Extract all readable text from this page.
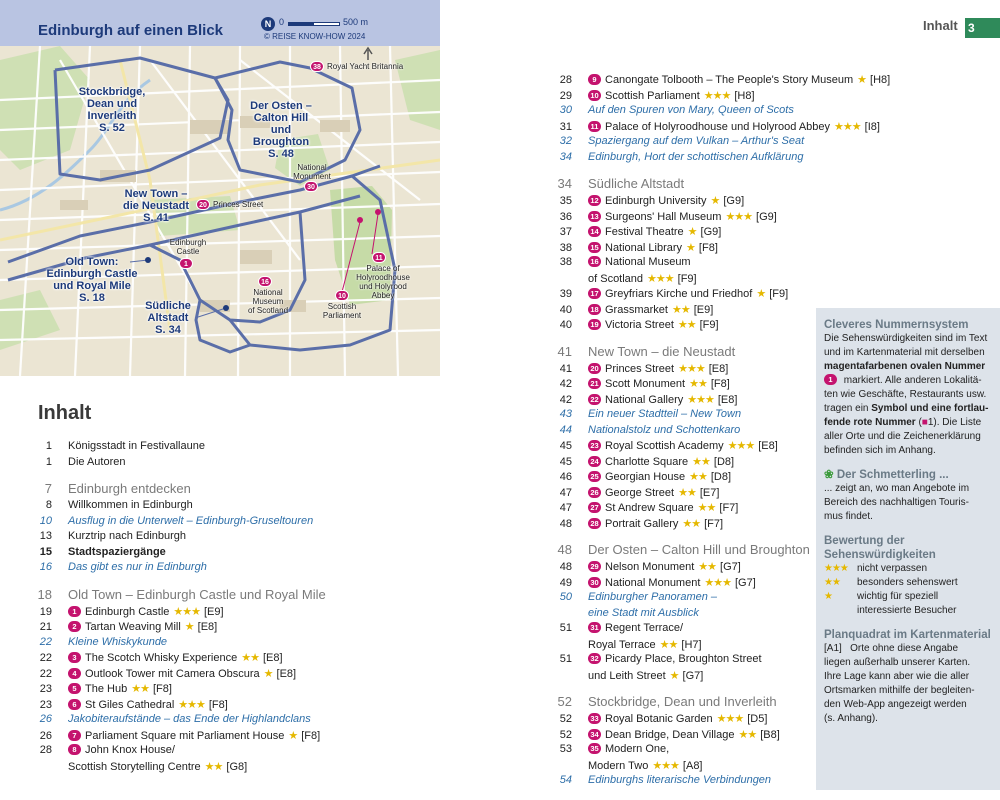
Edinburgh auf einen Blick	N 0	500 m
© REISE KNOW-HOW 2024
38 Royal Yacht Britannia
Stockbridge,
Dean und
Inverleith
S. 52
Der Osten –
Calton Hill
und
Broughton
S. 48
New Town –
die Neustadt
S. 41
Old Town:
Edinburgh Castle
und Royal Mile
S. 18
Südliche
Altstadt
S. 34
National
Monument
30
20 Princes Street
Edinburgh
Castle
1
16
National
Museum
of Scotland
10
Scottish
Parliament
11
Palace of
Holyroodhouse
und Holyrood
Abbey
Inhalt 3
Inhalt
1	Königsstadt in Festivallaune
1	Die Autoren
7	Edinburgh entdecken
8	Willkommen in Edinburgh
10	Ausflug in die Unterwelt – Edinburgh-Gruseltouren
13	Kurztrip nach Edinburgh
15	Stadtspaziergänge
16	Das gibt es nur in Edinburgh
18	Old Town – Edinburgh Castle und Royal Mile
19	1 Edinburgh Castle ★★★ [E9]
21	2 Tartan Weaving Mill ★ [E8]
22	Kleine Whiskykunde
22	3 The Scotch Whisky Experience ★★ [E8]
22	4 Outlook Tower mit Camera Obscura ★ [E8]
23	5 The Hub ★★ [F8]
23	6 St Giles Cathedral ★★★ [F8]
26	Jakobiteraufstände – das Ende der Highlandclans
26	7 Parliament Square mit Parliament House ★ [F8]
28	8 John Knox House/
Scottish Storytelling Centre ★★ [G8]
28	9 Canongate Tolbooth – The People's Story Museum ★ [H8]
29	10 Scottish Parliament ★★★ [H8]
30	Auf den Spuren von Mary, Queen of Scots
31	11 Palace of Holyroodhouse und Holyrood Abbey ★★★ [I8]
32	Spaziergang auf dem Vulkan – Arthur's Seat
34	Edinburgh, Hort der schottischen Aufklärung
34	Südliche Altstadt
35	12 Edinburgh University ★ [G9]
36	13 Surgeons' Hall Museum ★★★ [G9]
37	14 Festival Theatre ★ [G9]
38	15 National Library ★ [F8]
38	16 National Museum
of Scotland ★★★ [F9]
39	17 Greyfriars Kirche und Friedhof ★ [F9]
40	18 Grassmarket ★★ [E9]
40	19 Victoria Street ★★ [F9]
41	New Town – die Neustadt
41	20 Princes Street ★★★ [E8]
42	21 Scott Monument ★★ [F8]
42	22 National Gallery ★★★ [E8]
43	Ein neuer Stadtteil – New Town
44	Nationalstolz und Schottenkaro
45	23 Royal Scottish Academy ★★★ [E8]
45	24 Charlotte Square ★★ [D8]
46	25 Georgian House ★★ [D8]
47	26 George Street ★★ [E7]
47	27 St Andrew Square ★★ [F7]
48	28 Portrait Gallery ★★ [F7]
48	Der Osten – Calton Hill und Broughton
48	29 Nelson Monument ★★ [G7]
49	30 National Monument ★★★ [G7]
50	Edinburgher Panoramen –
eine Stadt mit Ausblick
51	31 Regent Terrace/
Royal Terrace ★★ [H7]
51	32 Picardy Place, Broughton Street
und Leith Street ★ [G7]
52	Stockbridge, Dean und Inverleith
52	33 Royal Botanic Garden ★★★ [D5]
52	34 Dean Bridge, Dean Village ★★ [B8]
53	35 Modern One,
Modern Two ★★★ [A8]
54	Edinburghs literarische Verbindungen
Cleveres Nummernsystem
Die Sehenswürdigkeiten sind im Text
und im Kartenmaterial mit derselben
magentafarbenen ovalen Nummer
1 markiert. Alle anderen Lokalitä-
ten wie Geschäfte, Restaurants usw.
tragen ein Symbol und eine fortlau-
fende rote Nummer (■1). Die Liste
aller Orte und die Zeichenerklärung
befinden sich im Anhang.
❀ Der Schmetterling ...
... zeigt an, wo man Angebote im
Bereich des nachhaltigen Touris-
mus findet.
Bewertung der
Sehenswürdigkeiten
★★★ nicht verpassen
★★	besonders sehenswert
★	wichtig für speziell
interessierte Besucher
Planquadrat im Kartenmaterial
[A1] Orte ohne diese Angabe
liegen außerhalb unserer Karten.
Ihre Lage kann aber wie die aller
Ortsmarken mithilfe der begleiten-
den Web-App angezeigt werden
(s. Anhang).
